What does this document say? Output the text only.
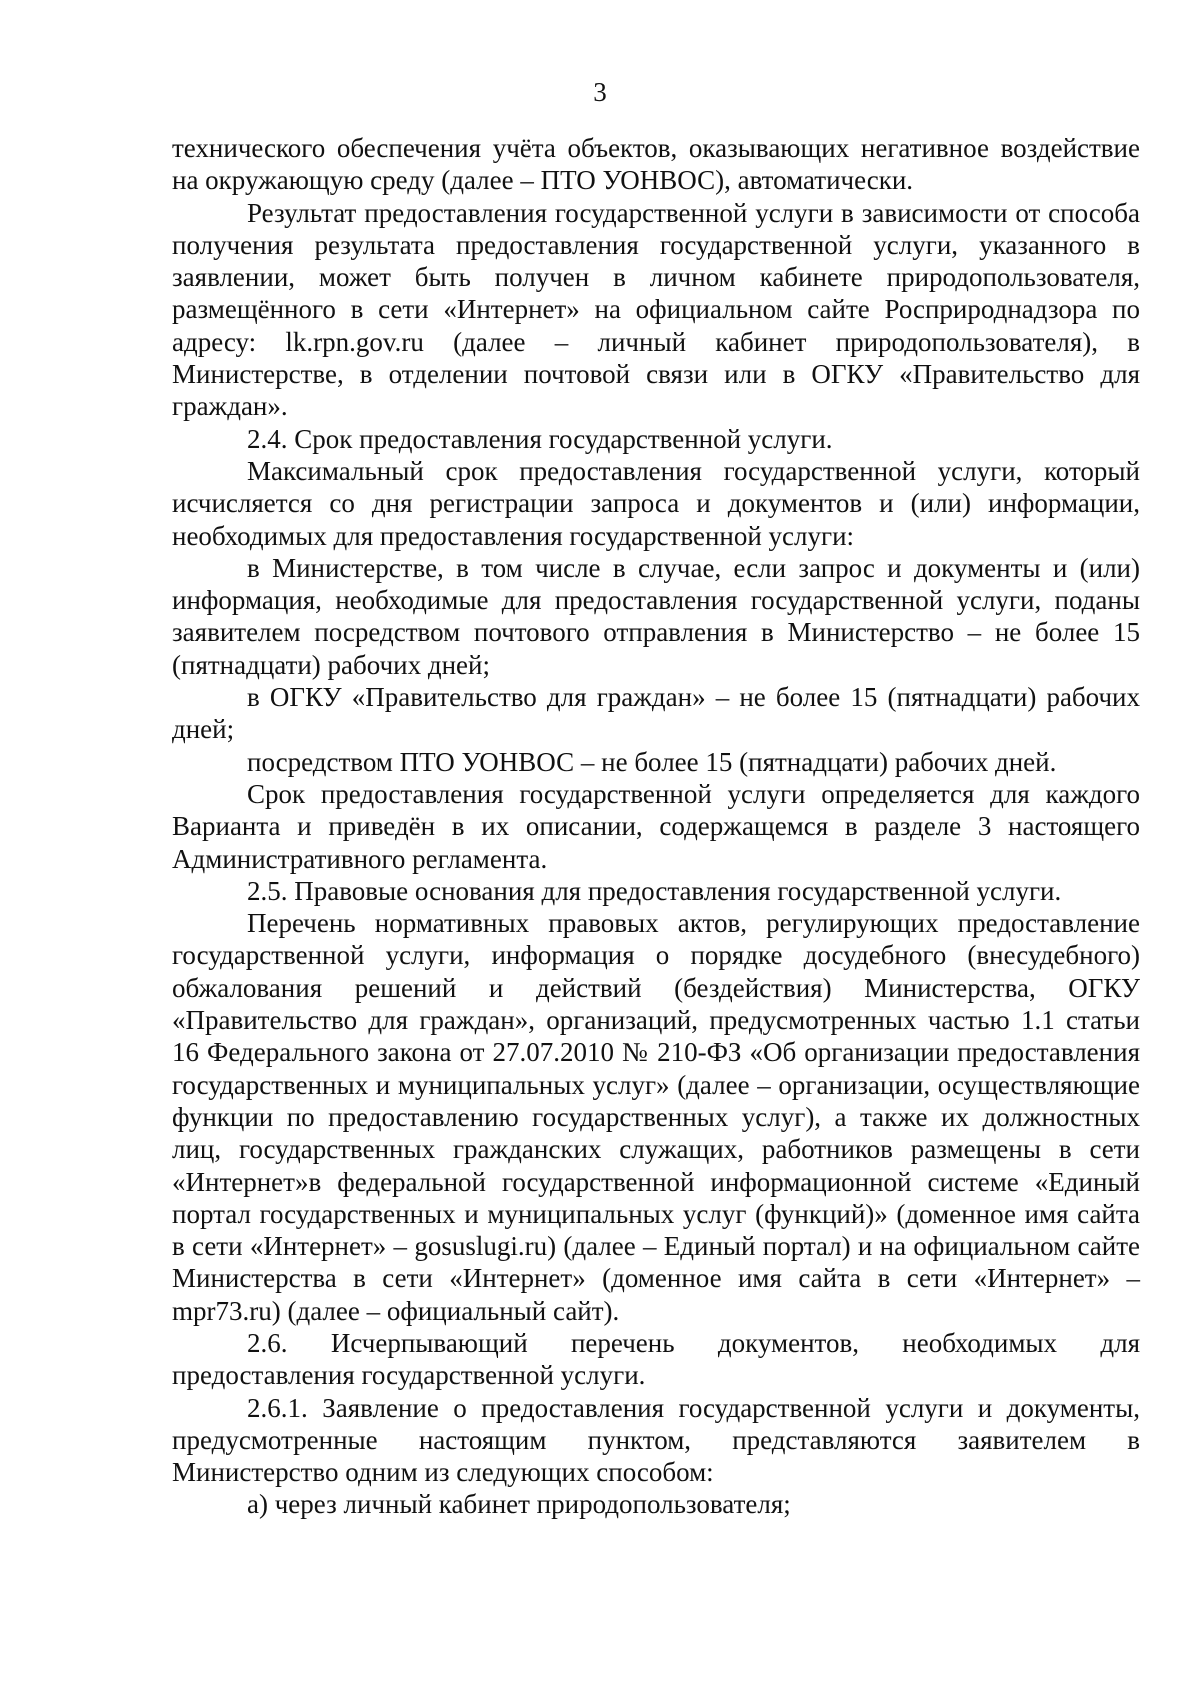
3

технического обеспечения учёта объектов, оказывающих негативное воздействие на окружающую среду (далее – ПТО УОНВОС), автоматически.

Результат предоставления государственной услуги в зависимости от способа получения результата предоставления государственной услуги, указанного в заявлении, может быть получен в личном кабинете природопользователя, размещённого в сети «Интернет» на официальном сайте Росприроднадзора по адресу: lk.rpn.gov.ru (далее – личный кабинет природопользователя), в Министерстве, в отделении почтовой связи или в ОГКУ «Правительство для граждан».

2.4. Срок предоставления государственной услуги.

Максимальный срок предоставления государственной услуги, который исчисляется со дня регистрации запроса и документов и (или) информации, необходимых для предоставления государственной услуги:

в Министерстве, в том числе в случае, если запрос и документы и (или) информация, необходимые для предоставления государственной услуги, поданы заявителем посредством почтового отправления в Министерство – не более 15 (пятнадцати) рабочих дней;

в ОГКУ «Правительство для граждан» – не более 15 (пятнадцати) рабочих дней;

посредством ПТО УОНВОС – не более 15 (пятнадцати) рабочих дней.

Срок предоставления государственной услуги определяется для каждого Варианта и приведён в их описании, содержащемся в разделе 3 настоящего Административного регламента.

2.5. Правовые основания для предоставления государственной услуги.

Перечень нормативных правовых актов, регулирующих предоставление государственной услуги, информация о порядке досудебного (внесудебного) обжалования решений и действий (бездействия) Министерства, ОГКУ «Правительство для граждан», организаций, предусмотренных частью 1.1 статьи 16 Федерального закона от 27.07.2010 № 210-ФЗ «Об организации предоставления государственных и муниципальных услуг» (далее – организации, осуществляющие функции по предоставлению государственных услуг), а также их должностных лиц, государственных гражданских служащих, работников размещены в сети «Интернет»в федеральной государственной информационной системе «Единый портал государственных и муниципальных услуг (функций)» (доменное имя сайта в сети «Интернет» – gosuslugi.ru) (далее – Единый портал) и на официальном сайте Министерства в сети «Интернет» (доменное имя сайта в сети «Интернет» – mpr73.ru) (далее – официальный сайт).

2.6. Исчерпывающий перечень документов, необходимых для предоставления государственной услуги.

2.6.1. Заявление о предоставления государственной услуги и документы, предусмотренные настоящим пунктом, представляются заявителем в Министерство одним из следующих способом:

а) через личный кабинет природопользователя;
